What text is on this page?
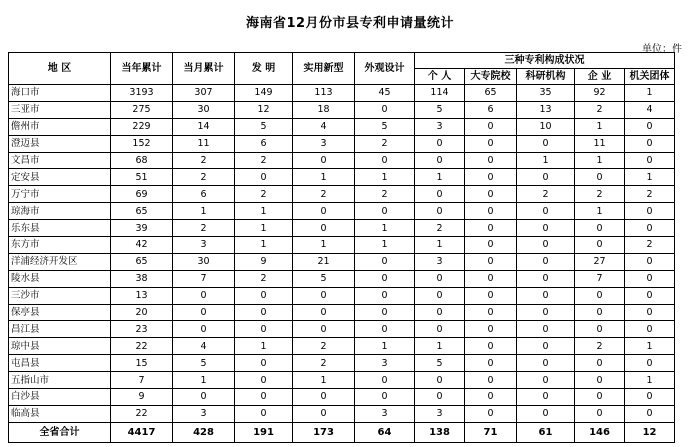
海南省12月份市县专利申请量统计
单位：件
地 区	当年累计	当月累计	发 明	实用新型	外观设计	三种专利构成状况				
						个 人	大专院校	科研机构	企 业	机关团体
海口市	3193	307	149	113	45	114	65	35	92	1
三亚市	275	30	12	18	0	5	6	13	2	4
儋州市	229	14	5	4	5	3	0	10	1	0
澄迈县	152	11	6	3	2	0	0	0	11	0
文昌市	68	2	2	0	0	0	0	1	1	0
定安县	51	2	0	1	1	1	0	0	0	1
万宁市	69	6	2	2	2	0	0	2	2	2
琼海市	65	1	1	0	0	0	0	0	1	0
乐东县	39	2	1	0	1	2	0	0	0	0
东方市	42	3	1	1	1	1	0	0	0	2
洋浦经济开发区	65	30	9	21	0	3	0	0	27	0
陵水县	38	7	2	5	0	0	0	0	7	0
三沙市	13	0	0	0	0	0	0	0	0	0
保亭县	20	0	0	0	0	0	0	0	0	0
昌江县	23	0	0	0	0	0	0	0	0	0
琼中县	22	4	1	2	1	1	0	0	2	1
屯昌县	15	5	0	2	3	5	0	0	0	0
五指山市	7	1	0	1	0	0	0	0	0	1
白沙县	9	0	0	0	0	0	0	0	0	0
临高县	22	3	0	0	3	3	0	0	0	0
全省合计	4417	428	191	173	64	138	71	61	146	12
